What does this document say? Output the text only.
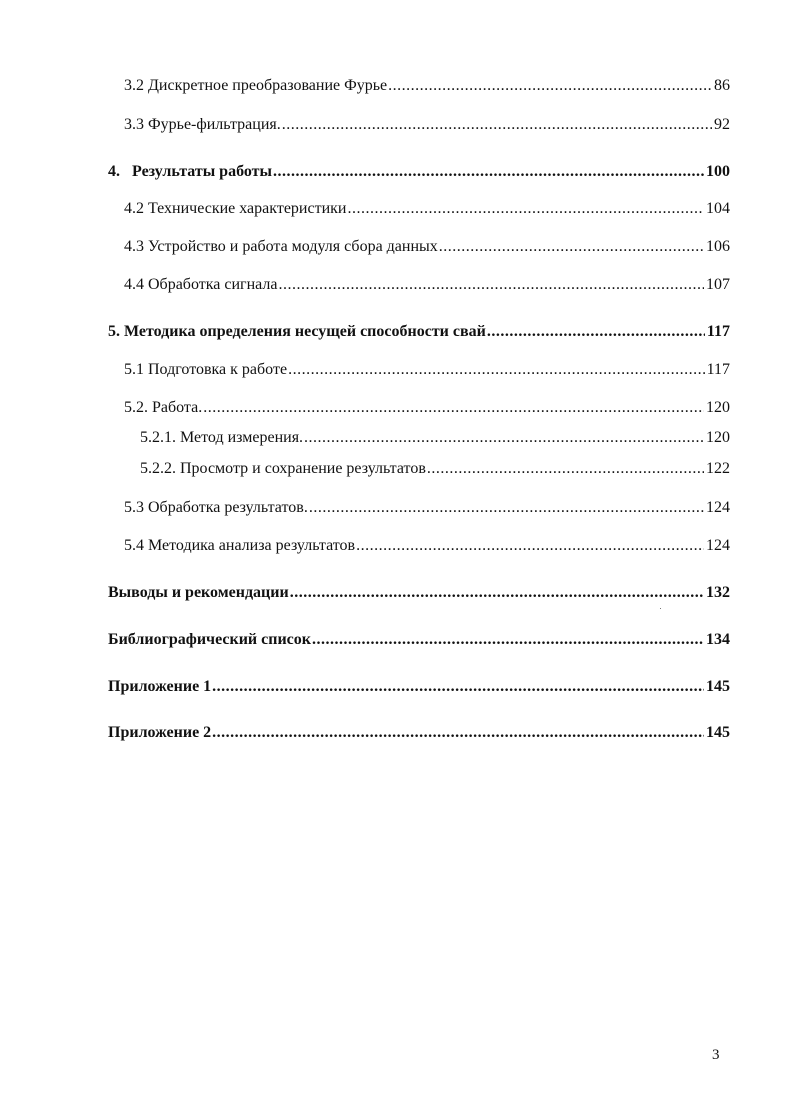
3.2 Дискретное преобразование Фурье .....	86
3.3 Фурье-фильтрация. .....	92
4.   Результаты работы .....	100
4.2 Технические характеристики .....	104
4.3 Устройство и работа модуля сбора данных .....	106
4.4 Обработка сигнала .....	107
5. Методика определения несущей способности свай .....	117
5.1 Подготовка к работе .....	117
5.2. Работа. .....	120
5.2.1. Метод измерения. .....	120
5.2.2. Просмотр и сохранение результатов .....	122
5.3 Обработка результатов. .....	124
5.4 Методика анализа результатов .....	124
Выводы и рекомендации .....	132
Библиографический список .....	134
Приложение 1 .....	145
Приложение 2 .....	145
3
